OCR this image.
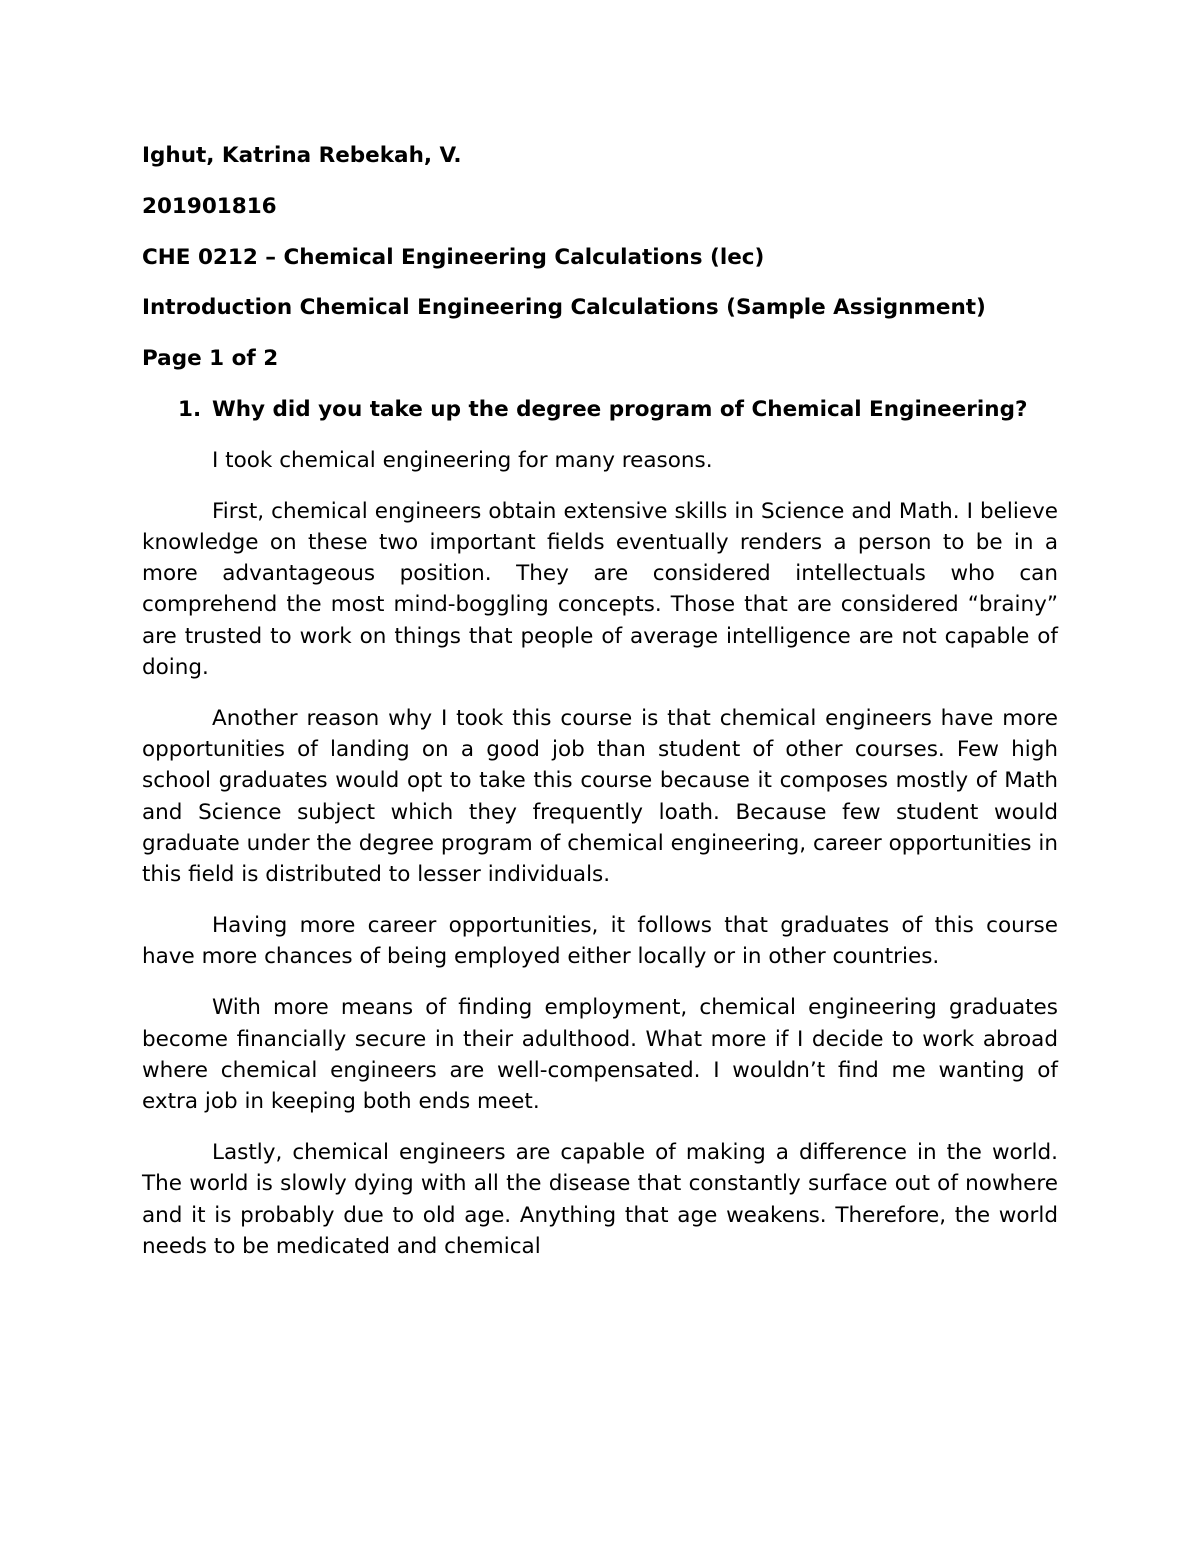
Ighut, Katrina Rebekah, V.

201901816

CHE 0212 – Chemical Engineering Calculations (lec)

Introduction Chemical Engineering Calculations (Sample Assignment)

Page 1 of 2

1. Why did you take up the degree program of Chemical Engineering?

I took chemical engineering for many reasons.

First, chemical engineers obtain extensive skills in Science and Math. I believe knowledge on these two important fields eventually renders a person to be in a more advantageous position. They are considered intellectuals who can comprehend the most mind-boggling concepts. Those that are considered “brainy” are trusted to work on things that people of average intelligence are not capable of doing.

Another reason why I took this course is that chemical engineers have more opportunities of landing on a good job than student of other courses. Few high school graduates would opt to take this course because it composes mostly of Math and Science subject which they frequently loath. Because few student would graduate under the degree program of chemical engineering, career opportunities in this field is distributed to lesser individuals.

Having more career opportunities, it follows that graduates of this course have more chances of being employed either locally or in other countries.

With more means of finding employment, chemical engineering graduates become financially secure in their adulthood. What more if I decide to work abroad where chemical engineers are well-compensated. I wouldn’t find me wanting of extra job in keeping both ends meet.

Lastly, chemical engineers are capable of making a difference in the world. The world is slowly dying with all the disease that constantly surface out of nowhere and it is probably due to old age. Anything that age weakens. Therefore, the world needs to be medicated and chemical
